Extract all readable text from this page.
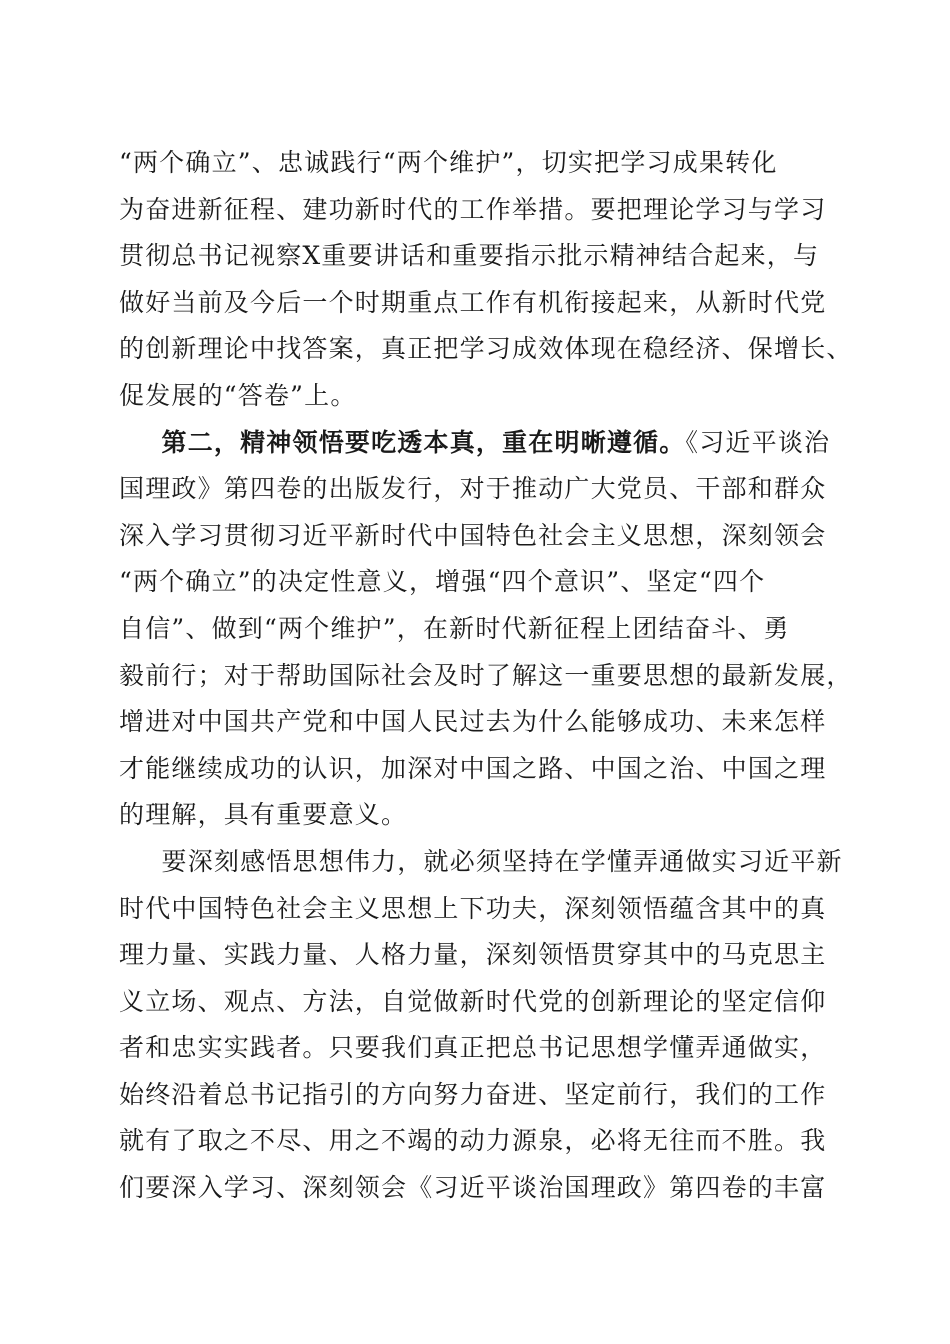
“两个确立”、忠诚践行“两个维护”，切实把学习成果转化
为奋进新征程、建功新时代的工作举措。要把理论学习与学习
贯彻总书记视察X重要讲话和重要指示批示精神结合起来，与
做好当前及今后一个时期重点工作有机衔接起来，从新时代党
的创新理论中找答案，真正把学习成效体现在稳经济、保增长、
促发展的“答卷”上。
第二，精神领悟要吃透本真，重在明晰遵循。《习近平谈治
国理政》第四卷的出版发行，对于推动广大党员、干部和群众
深入学习贯彻习近平新时代中国特色社会主义思想，深刻领会
“两个确立”的决定性意义，增强“四个意识”、坚定“四个
自信”、做到“两个维护”，在新时代新征程上团结奋斗、勇
毅前行；对于帮助国际社会及时了解这一重要思想的最新发展，
增进对中国共产党和中国人民过去为什么能够成功、未来怎样
才能继续成功的认识，加深对中国之路、中国之治、中国之理
的理解，具有重要意义。
要深刻感悟思想伟力，就必须坚持在学懂弄通做实习近平新
时代中国特色社会主义思想上下功夫，深刻领悟蕴含其中的真
理力量、实践力量、人格力量，深刻领悟贯穿其中的马克思主
义立场、观点、方法，自觉做新时代党的创新理论的坚定信仰
者和忠实实践者。只要我们真正把总书记思想学懂弄通做实，
始终沿着总书记指引的方向努力奋进、坚定前行，我们的工作
就有了取之不尽、用之不竭的动力源泉，必将无往而不胜。我
们要深入学习、深刻领会《习近平谈治国理政》第四卷的丰富
